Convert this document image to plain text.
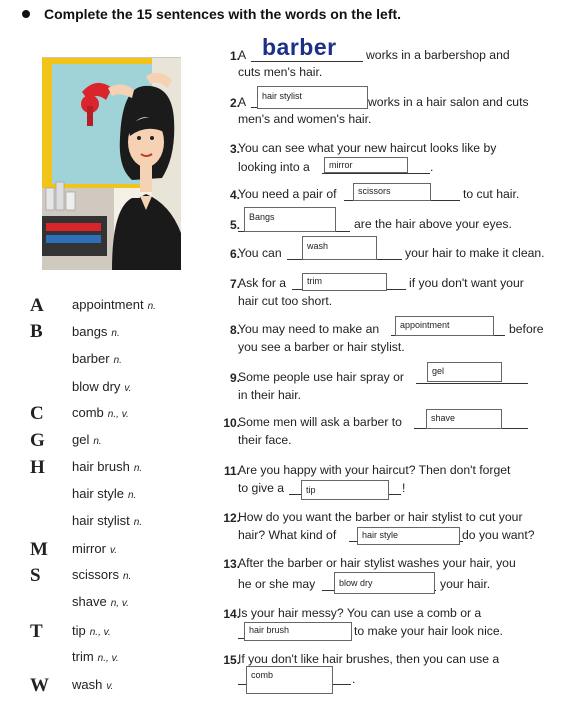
Complete the 15 sentences with the words on the left.
A	appointment n.
B	bangs n.
barber n.
blow dry v.
C	comb n., v.
G	gel n.
H	hair brush n.
hair style n.
hair stylist n.
M	mirror v.
S	scissors n.
shave n, v.
T	tip n., v.
trim n., v.
W wash v.
1.
A barber works in a barbershop and
cuts men's hair.
2.
A	hair stylist	works in a hair salon and cuts
men's and women's hair.
3.
You can see what your new haircut looks like by
looking into a	mirror	.
4.
You need a pair of	scissors	to cut hair.
5.
Bangs	are the hair above your eyes.
6.
You can	wash	your hair to make it clean.
7.
Ask for a	trim	if you don't want your
hair cut too short.
8.
You may need to make an	appointment	before
you see a barber or hair stylist.
9.
Some people use hair spray or	gel
in their hair.
10.
Some men will ask a barber to	shave
their face.
11.
Are you happy with your haircut? Then don't forget
to give a	tip	!
12.
How do you want the barber or hair stylist to cut your
hair? What kind of	hair style	do you want?
13.
After the barber or hair stylist washes your hair, you
he or she may	blow dry	your hair.
14.
Is your hair messy? You can use a comb or a
hair brush	to make your hair look nice.
15.
If you don't like hair brushes, then you can use a
comb	.
